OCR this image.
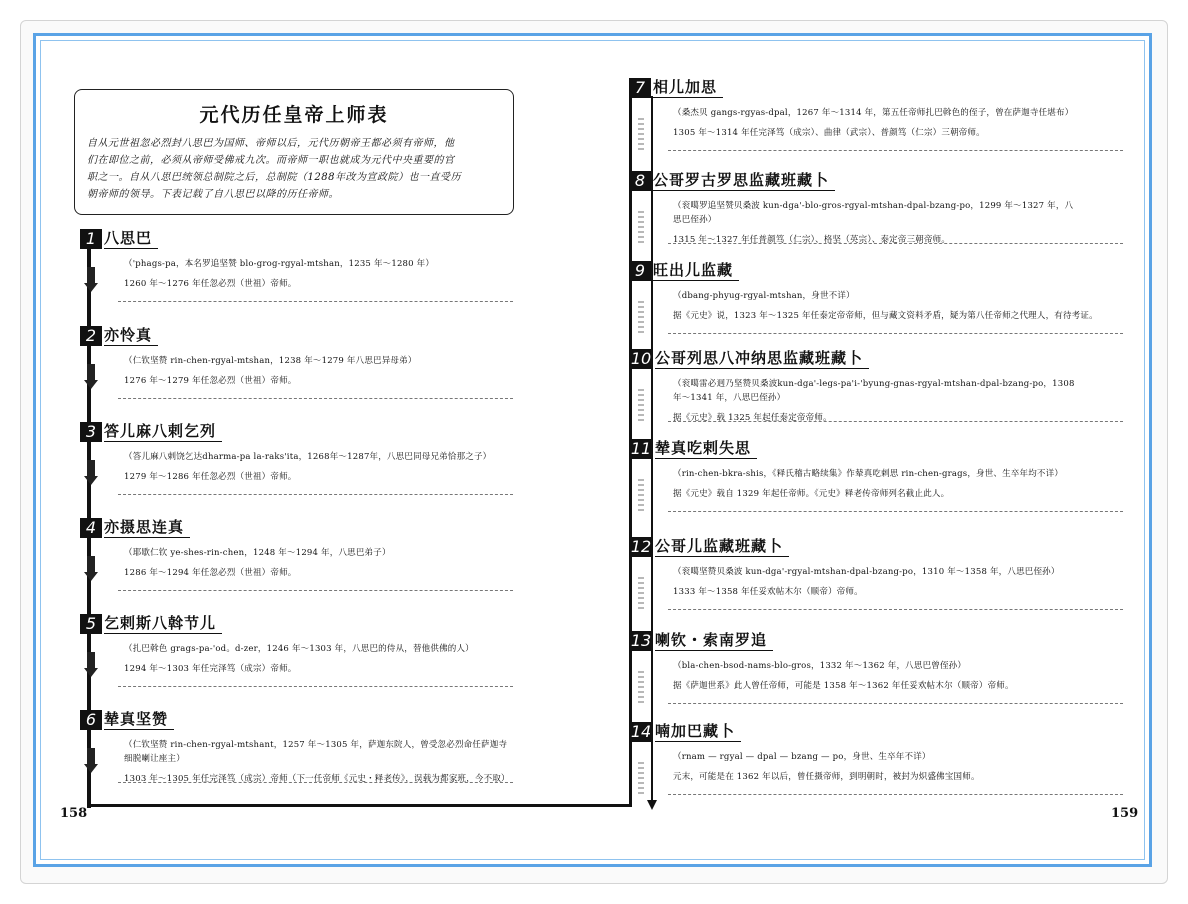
元代历任皇帝上师表
自从元世祖忽必烈封八思巴为国师、帝师以后，元代历朝帝王都必须有帝师，他
们在即位之前，必须从帝师受佛戒九次。而帝师一职也就成为元代中央重要的官
职之一。自从八思巴统领总制院之后，总制院（1288年改为宣政院）也一直受历
朝帝师的领导。下表记载了自八思巴以降的历任帝师。
1 八思巴
（'phags-pa，本名罗追坚赞 blo-grog-rgyal-mtshan，1235 年～1280 年）
1260 年～1276 年任忽必烈（世祖）帝师。
2 亦怜真
（仁钦坚赞 rin-chen-rgyal-mtshan，1238 年～1279 年八思巴异母弟）
1276 年～1279 年任忽必烈（世祖）帝师。
3 答儿麻八剌乞列
（答儿麻八剌饶乞达dharma-pa la-raks'ita，1268年～1287年，八思巴同母兄弟恰那之子）
1279 年～1286 年任忽必烈（世祖）帝师。
4 亦摄思连真
（耶歇仁钦 ye-shes-rin-chen，1248 年～1294 年，八思巴弟子）
1286 年～1294 年任忽必烈（世祖）帝师。
5 乞剌斯八斡节儿
（扎巴斡色 grags-pa-'od。d-zer，1246 年～1303 年，八思巴的侍从，替他供佛的人）
1294 年～1303 年任完泽笃（成宗）帝师。
6 辇真坚赞
（仁钦坚赞 rin-chen-rgyal-mtshant，1257 年～1305 年，萨迦东院人，曾受忽必烈命任萨迦寺
细脱喇让座主）
1303 年～1305 年任完泽笃（成宗）帝师（下一任帝师《元史・释老传》，误载为都家班，今不取）
7 相儿加思
（桑杰贝 gangs-rgyas-dpal，1267 年～1314 年，第五任帝师扎巴斡色的侄子，曾在萨迦寺任堪布）
1305 年～1314 年任完泽笃（成宗）、曲律（武宗）、普颜笃（仁宗）三朝帝师。
8 公哥罗古罗思监藏班藏卜
（衮噶罗追坚赞贝桑波 kun-dga'-blo-gros-rgyal-mtshan-dpal-bzang-po，1299 年～1327 年，八
思巴侄孙）
1315 年～1327 年任普颜笃（仁宗）、格坚（英宗）、泰定帝三朝帝师。
9 旺出儿监藏
（dbang-phyug-rgyal-mtshan，身世不详）
据《元史》说，1323 年～1325 年任泰定帝帝师，但与藏文资料矛盾，疑为第八任帝师之代理人，有待考证。
10 公哥列思八冲纳思监藏班藏卜
（衮噶雷必迥乃坚赞贝桑波kun-dga'-legs-pa'i-'byung-gnas-rgyal-mtshan-dpal-bzang-po，1308
年～1341 年，八思巴侄孙）
据《元史》载 1325 年起任泰定帝帝师。
11 辇真吃剌失思
（rin-chen-bkra-shis，《释氏稽古略续集》作辇真吃剌思 rin-chen-grags，身世、生卒年均不详）
据《元史》载自 1329 年起任帝师。《元史》释老传帝师列名截止此人。
12 公哥儿监藏班藏卜
（衮噶坚赞贝桑波 kun-dga'-rgyal-mtshan-dpal-bzang-po，1310 年～1358 年，八思巴侄孙）
1333 年～1358 年任妥欢帖木尔（顺帝）帝师。
13 喇钦・索南罗追
（bla-chen-bsod-nams-blo-gros，1332 年～1362 年，八思巴曾侄孙）
据《萨迦世系》此人曾任帝师，可能是 1358 年～1362 年任妥欢帖木尔（顺帝）帝师。
14 喃加巴藏卜
（rnam — rgyal — dpal — bzang — po，身世、生卒年不详）
元末，可能是在 1362 年以后，曾任摄帝师，到明朝时，被封为炽盛佛宝国师。
158	159
